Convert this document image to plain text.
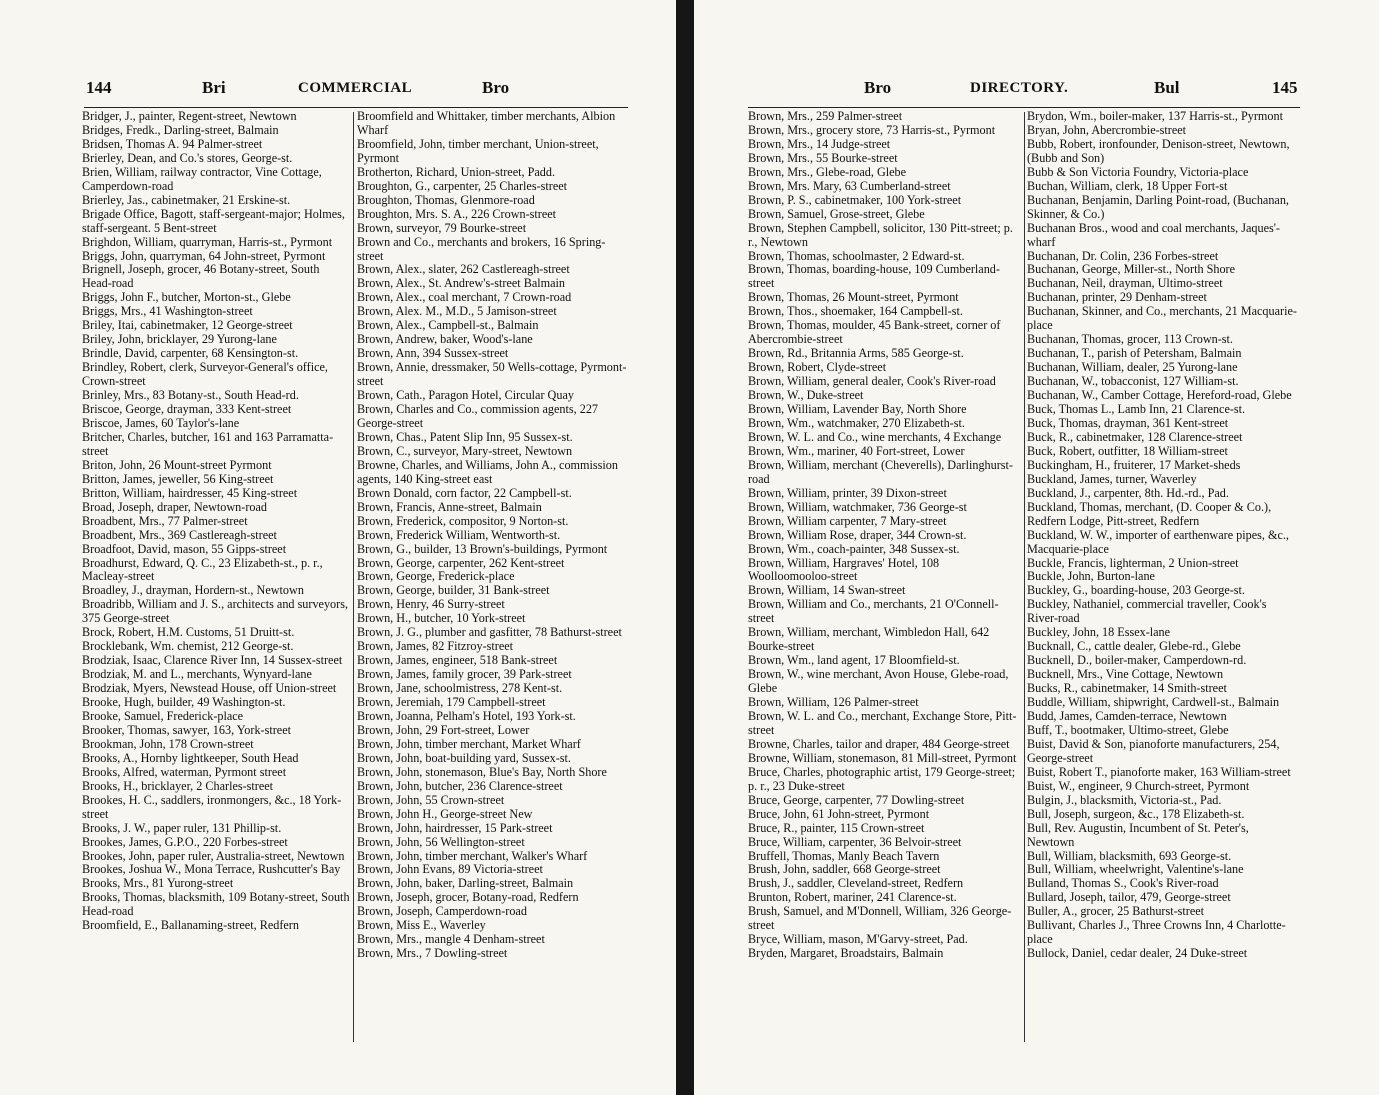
144	Bri	COMMERCIAL	Bro
Bridger, J., painter, Regent-street, Newtown
Bridges, Fredk., Darling-street, Balmain
Bridsen, Thomas A. 94 Palmer-street
Brierley, Dean, and Co.'s stores, George-st.
Brien, William, railway contractor, Vine Cottage, Camperdown-road
Brierley, Jas., cabinetmaker, 21 Erskine-st.
Brigade Office, Bagott, staff-sergeant-major; Holmes, staff-sergeant. 5 Bent-street
Brighdon, William, quarryman, Harris-st., Pyrmont
Briggs, John, quarryman, 64 John-street, Pyrmont
Brignell, Joseph, grocer, 46 Botany-street, South Head-road
Briggs, John F., butcher, Morton-st., Glebe
Briggs, Mrs., 41 Washington-street
Briley, Itai, cabinetmaker, 12 George-street
Briley, John, bricklayer, 29 Yurong-lane
Brindle, David, carpenter, 68 Kensington-st.
Brindley, Robert, clerk, Surveyor-General's office, Crown-street
Brinley, Mrs., 83 Botany-st., South Head-rd.
Briscoe, George, drayman, 333 Kent-street
Briscoe, James, 60 Taylor's-lane
Britcher, Charles, butcher, 161 and 163 Parramatta-street
Briton, John, 26 Mount-street Pyrmont
Britton, James, jeweller, 56 King-street
Britton, William, hairdresser, 45 King-street
Broad, Joseph, draper, Newtown-road
Broadbent, Mrs., 77 Palmer-street
Broadbent, Mrs., 369 Castlereagh-street
Broadfoot, David, mason, 55 Gipps-street
Broadhurst, Edward, Q. C., 23 Elizabeth-st., p. r., Macleay-street
Broadley, J., drayman, Hordern-st., Newtown
Broadribb, William and J. S., architects and surveyors, 375 George-street
Brock, Robert, H.M. Customs, 51 Druitt-st.
Brocklebank, Wm. chemist, 212 George-st.
Brodziak, Isaac, Clarence River Inn, 14 Sussex-street
Brodziak, M. and L., merchants, Wynyard-lane
Brodziak, Myers, Newstead House, off Union-street
Brooke, Hugh, builder, 49 Washington-st.
Brooke, Samuel, Frederick-place
Brooker, Thomas, sawyer, 163, York-street
Brookman, John, 178 Crown-street
Brooks, A., Hornby lightkeeper, South Head
Brooks, Alfred, waterman, Pyrmont street
Brooks, H., bricklayer, 2 Charles-street
Brookes, H. C., saddlers, ironmongers, &c., 18 York-street
Brooks, J. W., paper ruler, 131 Phillip-st.
Brookes, James, G.P.O., 220 Forbes-street
Brookes, John, paper ruler, Australia-street, Newtown
Brookes, Joshua W., Mona Terrace, Rushcutter's Bay
Brooks, Mrs., 81 Yurong-street
Brooks, Thomas, blacksmith, 109 Botany-street, South Head-road
Broomfield, E., Ballanaming-street, Redfern
Broomfield and Whittaker, timber merchants, Albion Wharf
Broomfield, John, timber merchant, Union-street, Pyrmont
Brotherton, Richard, Union-street, Padd.
Broughton, G., carpenter, 25 Charles-street
Broughton, Thomas, Glenmore-road
Broughton, Mrs. S. A., 226 Crown-street
Brown, surveyor, 79 Bourke-street
Brown and Co., merchants and brokers, 16 Spring-street
Brown, Alex., slater, 262 Castlereagh-street
Brown, Alex., St. Andrew's-street Balmain
Brown, Alex., coal merchant, 7 Crown-road
Brown, Alex. M., M.D., 5 Jamison-street
Brown, Alex., Campbell-st., Balmain
Brown, Andrew, baker, Wood's-lane
Brown, Ann, 394 Sussex-street
Brown, Annie, dressmaker, 50 Wells-cottage, Pyrmont-street
Brown, Cath., Paragon Hotel, Circular Quay
Brown, Charles and Co., commission agents, 227 George-street
Brown, Chas., Patent Slip Inn, 95 Sussex-st.
Brown, C., surveyor, Mary-street, Newtown
Browne, Charles, and Williams, John A., commission agents, 140 King-street east
Brown Donald, corn factor, 22 Campbell-st.
Brown, Francis, Anne-street, Balmain
Brown, Frederick, compositor, 9 Norton-st.
Brown, Frederick William, Wentworth-st.
Brown, G., builder, 13 Brown's-buildings, Pyrmont
Brown, George, carpenter, 262 Kent-street
Brown, George, Frederick-place
Brown, George, builder, 31 Bank-street
Brown, Henry, 46 Surry-street
Brown, H., butcher, 10 York-street
Brown, J. G., plumber and gasfitter, 78 Bathurst-street
Brown, James, 82 Fitzroy-street
Brown, James, engineer, 518 Bank-street
Brown, James, family grocer, 39 Park-street
Brown, Jane, schoolmistress, 278 Kent-st.
Brown, Jeremiah, 179 Campbell-street
Brown, Joanna, Pelham's Hotel, 193 York-st.
Brown, John, 29 Fort-street, Lower
Brown, John, timber merchant, Market Wharf
Brown, John, boat-building yard, Sussex-st.
Brown, John, stonemason, Blue's Bay, North Shore
Brown, John, butcher, 236 Clarence-street
Brown, John, 55 Crown-street
Brown, John H., George-street New
Brown, John, hairdresser, 15 Park-street
Brown, John, 56 Wellington-street
Brown, John, timber merchant, Walker's Wharf
Brown, John Evans, 89 Victoria-street
Brown, John, baker, Darling-street, Balmain
Brown, Joseph, grocer, Botany-road, Redfern
Brown, Joseph, Camperdown-road
Brown, Miss E., Waverley
Brown, Mrs., mangle 4 Denham-street
Brown, Mrs., 7 Dowling-street
Bro	DIRECTORY.	Bul	145
Brown, Mrs., 259 Palmer-street
Brown, Mrs., grocery store, 73 Harris-st., Pyrmont
Brown, Mrs., 14 Judge-street
Brown, Mrs., 55 Bourke-street
Brown, Mrs., Glebe-road, Glebe
Brown, Mrs. Mary, 63 Cumberland-street
Brown, P. S., cabinetmaker, 100 York-street
Brown, Samuel, Grose-street, Glebe
Brown, Stephen Campbell, solicitor, 130 Pitt-street; p. r., Newtown
Brown, Thomas, schoolmaster, 2 Edward-st.
Brown, Thomas, boarding-house, 109 Cumberland-street
Brown, Thomas, 26 Mount-street, Pyrmont
Brown, Thos., shoemaker, 164 Campbell-st.
Brown, Thomas, moulder, 45 Bank-street, corner of Abercrombie-street
Brown, Rd., Britannia Arms, 585 George-st.
Brown, Robert, Clyde-street
Brown, William, general dealer, Cook's River-road
Brown, W., Duke-street
Brown, William, Lavender Bay, North Shore
Brown, Wm., watchmaker, 270 Elizabeth-st.
Brown, W. L. and Co., wine merchants, 4 Exchange
Brown, Wm., mariner, 40 Fort-street, Lower
Brown, William, merchant (Cheverells), Darlinghurst-road
Brown, William, printer, 39 Dixon-street
Brown, William, watchmaker, 736 George-st
Brown, William carpenter, 7 Mary-street
Brown, William Rose, draper, 344 Crown-st.
Brown, Wm., coach-painter, 348 Sussex-st.
Brown, William, Hargraves' Hotel, 108 Woolloomooloo-street
Brown, William, 14 Swan-street
Brown, William and Co., merchants, 21 O'Connell-street
Brown, William, merchant, Wimbledon Hall, 642 Bourke-street
Brown, Wm., land agent, 17 Bloomfield-st.
Brown, W., wine merchant, Avon House, Glebe-road, Glebe
Brown, William, 126 Palmer-street
Brown, W. L. and Co., merchant, Exchange Store, Pitt-street
Browne, Charles, tailor and draper, 484 George-street
Browne, William, stonemason, 81 Mill-street, Pyrmont
Bruce, Charles, photographic artist, 179 George-street; p. r., 23 Duke-street
Bruce, George, carpenter, 77 Dowling-street
Bruce, John, 61 John-street, Pyrmont
Bruce, R., painter, 115 Crown-street
Bruce, William, carpenter, 36 Belvoir-street
Bruffell, Thomas, Manly Beach Tavern
Brush, John, saddler, 668 George-street
Brush, J., saddler, Cleveland-street, Redfern
Brunton, Robert, mariner, 241 Clarence-st.
Brush, Samuel, and M'Donnell, William, 326 George-street
Bryce, William, mason, M'Garvy-street, Pad.
Bryden, Margaret, Broadstairs, Balmain
Brydon, Wm., boiler-maker, 137 Harris-st., Pyrmont
Bryan, John, Abercrombie-street
Bubb, Robert, ironfounder, Denison-street, Newtown, (Bubb and Son)
Bubb & Son Victoria Foundry, Victoria-place
Buchan, William, clerk, 18 Upper Fort-st
Buchanan, Benjamin, Darling Point-road, (Buchanan, Skinner, & Co.)
Buchanan Bros., wood and coal merchants, Jaques'-wharf
Buchanan, Dr. Colin, 236 Forbes-street
Buchanan, George, Miller-st., North Shore
Buchanan, Neil, drayman, Ultimo-street
Buchanan, printer, 29 Denham-street
Buchanan, Skinner, and Co., merchants, 21 Macquarie-place
Buchanan, Thomas, grocer, 113 Crown-st.
Buchanan, T., parish of Petersham, Balmain
Buchanan, William, dealer, 25 Yurong-lane
Buchanan, W., tobacconist, 127 William-st.
Buchanan, W., Camber Cottage, Hereford-road, Glebe
Buck, Thomas L., Lamb Inn, 21 Clarence-st.
Buck, Thomas, drayman, 361 Kent-street
Buck, R., cabinetmaker, 128 Clarence-street
Buck, Robert, outfitter, 18 William-street
Buckingham, H., fruiterer, 17 Market-sheds
Buckland, James, turner, Waverley
Buckland, J., carpenter, 8th. Hd.-rd., Pad.
Buckland, Thomas, merchant, (D. Cooper & Co.), Redfern Lodge, Pitt-street, Redfern
Buckland, W. W., importer of earthenware pipes, &c., Macquarie-place
Buckle, Francis, lighterman, 2 Union-street
Buckle, John, Burton-lane
Buckley, G., boarding-house, 203 George-st.
Buckley, Nathaniel, commercial traveller, Cook's River-road
Buckley, John, 18 Essex-lane
Bucknall, C., cattle dealer, Glebe-rd., Glebe
Bucknell, D., boiler-maker, Camperdown-rd.
Bucknell, Mrs., Vine Cottage, Newtown
Bucks, R., cabinetmaker, 14 Smith-street
Buddle, William, shipwright, Cardwell-st., Balmain
Budd, James, Camden-terrace, Newtown
Buff, T., bootmaker, Ultimo-street, Glebe
Buist, David & Son, pianoforte manufacturers, 254, George-street
Buist, Robert T., pianoforte maker, 163 William-street
Buist, W., engineer, 9 Church-street, Pyrmont
Bulgin, J., blacksmith, Victoria-st., Pad.
Bull, Joseph, surgeon, &c., 178 Elizabeth-st.
Bull, Rev. Augustin, Incumbent of St. Peter's, Newtown
Bull, William, blacksmith, 693 George-st.
Bull, William, wheelwright, Valentine's-lane
Bulland, Thomas S., Cook's River-road
Bullard, Joseph, tailor, 479, George-street
Buller, A., grocer, 25 Bathurst-street
Bullivant, Charles J., Three Crowns Inn, 4 Charlotte-place
Bullock, Daniel, cedar dealer, 24 Duke-street
